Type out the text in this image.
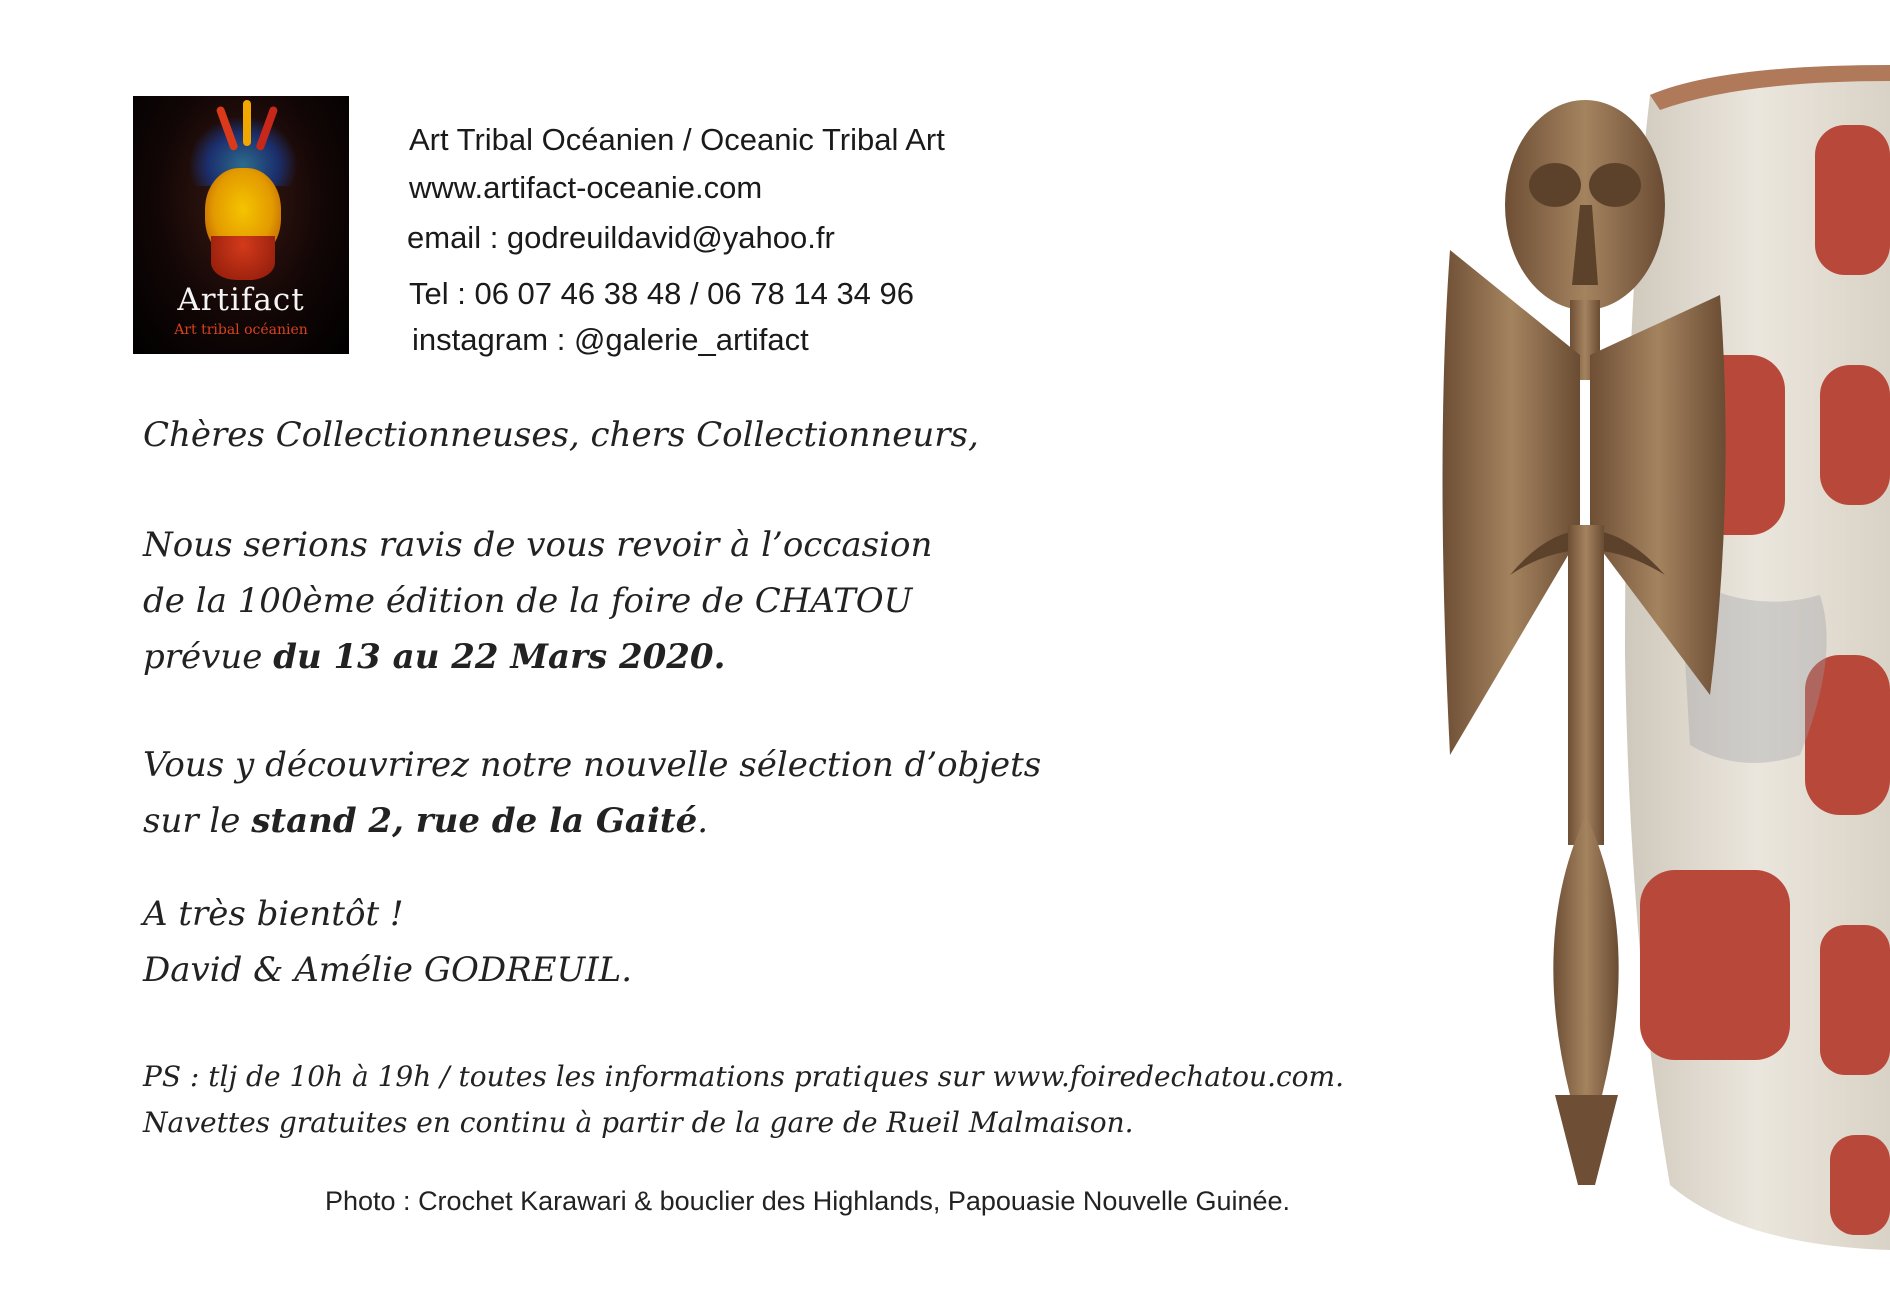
Artifact
Art tribal océanien
Art Tribal Océanien / Oceanic Tribal Art
www.artifact-oceanie.com
email : godreuildavid@yahoo.fr
Tel : 06 07 46 38 48 / 06 78 14 34 96
instagram : @galerie_artifact
Chères Collectionneuses, chers Collectionneurs,
Nous serions ravis de vous revoir à l’occasion
de la 100ème édition de la foire de CHATOU
prévue du 13 au 22 Mars 2020.
Vous y découvrirez notre nouvelle sélection d’objets
sur le stand 2, rue de la Gaité.
A très bientôt !
David & Amélie GODREUIL.
PS : tlj de 10h à 19h / toutes les informations pratiques sur www.foiredechatou.com.
Navettes gratuites en continu à partir de la gare de Rueil Malmaison.
Photo : Crochet Karawari & bouclier des Highlands, Papouasie Nouvelle Guinée.
